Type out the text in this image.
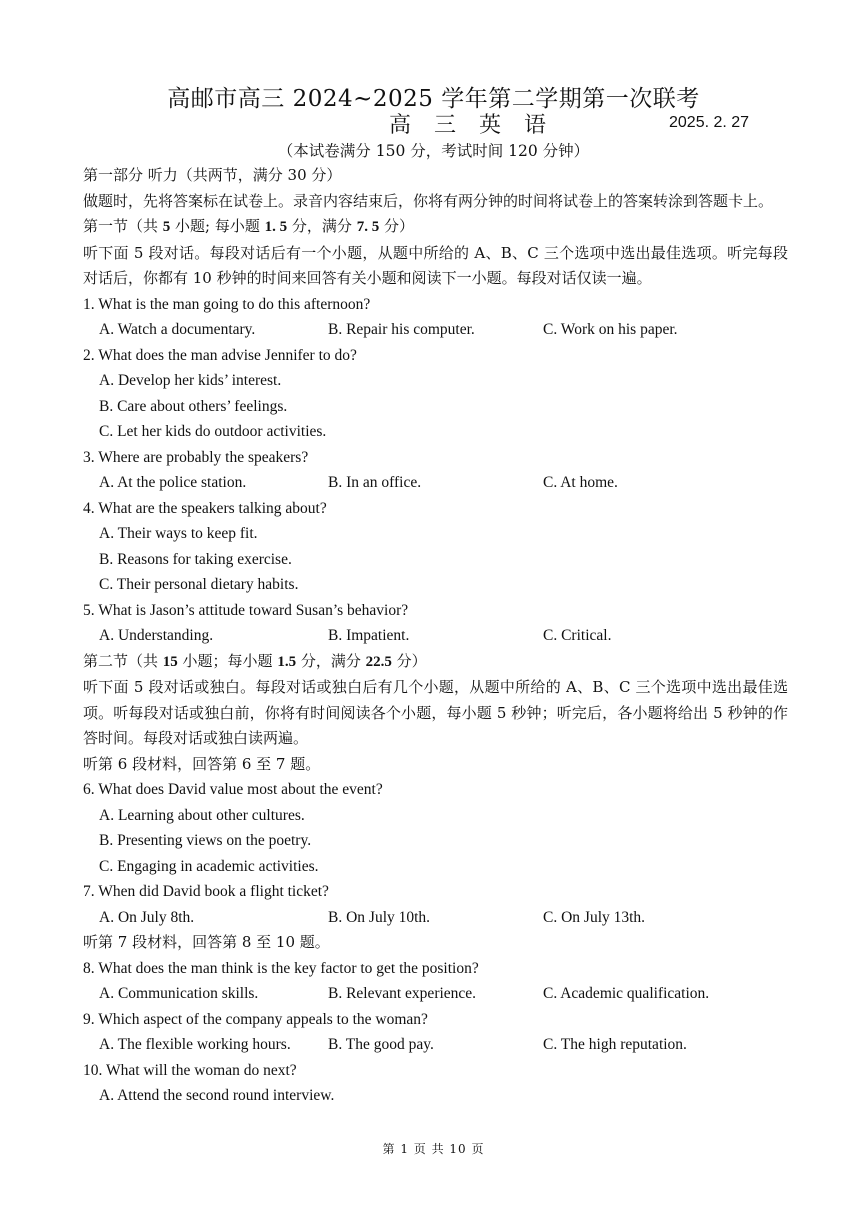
高邮市高三 2024~2025 学年第二学期第一次联考
高 三 英 语	2025. 2. 27
（本试卷满分 150 分，考试时间 120 分钟）

第一部分 听力（共两节，满分 30 分）

做题时，先将答案标在试卷上。录音内容结束后，你将有两分钟的时间将试卷上的答案转涂到答题卡上。

第一节（共 5 小题; 每小题 1. 5 分，满分 7. 5 分）

听下面 5 段对话。每段对话后有一个小题，从题中所给的 A、B、C 三个选项中选出最佳选项。听完每段对话后，你都有 10 秒钟的时间来回答有关小题和阅读下一小题。每段对话仅读一遍。

1. What is the man going to do this afternoon?

A. Watch a documentary.	B. Repair his computer.	C. Work on his paper.

2. What does the man advise Jennifer to do?

A. Develop her kids’ interest.

B. Care about others’ feelings.

C. Let her kids do outdoor activities.

3. Where are probably the speakers?

A. At the police station.	B. In an office.	C. At home.

4. What are the speakers talking about?

A. Their ways to keep fit.

B. Reasons for taking exercise.

C. Their personal dietary habits.

5. What is Jason’s attitude toward Susan’s behavior?

A. Understanding.	B. Impatient.	C. Critical.

第二节（共 15 小题；每小题 1.5 分，满分 22.5 分）

听下面 5 段对话或独白。每段对话或独白后有几个小题，从题中所给的 A、B、C 三个选项中选出最佳选项。听每段对话或独白前，你将有时间阅读各个小题，每小题 5 秒钟；听完后，各小题将给出 5 秒钟的作答时间。每段对话或独白读两遍。

听第 6 段材料，回答第 6 至 7 题。

6. What does David value most about the event?

A. Learning about other cultures.

B. Presenting views on the poetry.

C. Engaging in academic activities.

7. When did David book a flight ticket?

A. On July 8th.	B. On July 10th.	C. On July 13th.

听第 7 段材料，回答第 8 至 10 题。

8. What does the man think is the key factor to get the position?

A. Communication skills.	B. Relevant experience.	C. Academic qualification.

9. Which aspect of the company appeals to the woman?

A. The flexible working hours.	B. The good pay.	C. The high reputation.

10. What will the woman do next?

A. Attend the second round interview.

第 1 页 共 10 页
